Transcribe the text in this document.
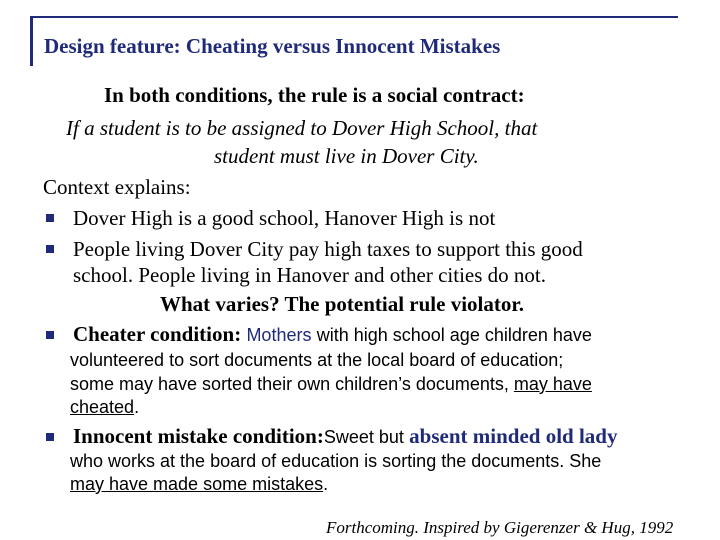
Design feature: Cheating versus Innocent Mistakes
In both conditions, the rule is a social contract:
If a student is to be assigned to Dover High School, that
student must live in Dover City.
Context explains:
Dover High is a good school, Hanover High is not
People living Dover City pay high taxes to support this good
school. People living in Hanover and other cities do not.
What varies? The potential rule violator.
Cheater condition: Mothers with high school age children have
volunteered to sort documents at the local board of education;
some may have sorted their own children’s documents, may have
cheated.
Innocent mistake condition:Sweet but absent minded old lady
who works at the board of education is sorting the documents. She
may have made some mistakes.
Forthcoming. Inspired by Gigerenzer & Hug, 1992
